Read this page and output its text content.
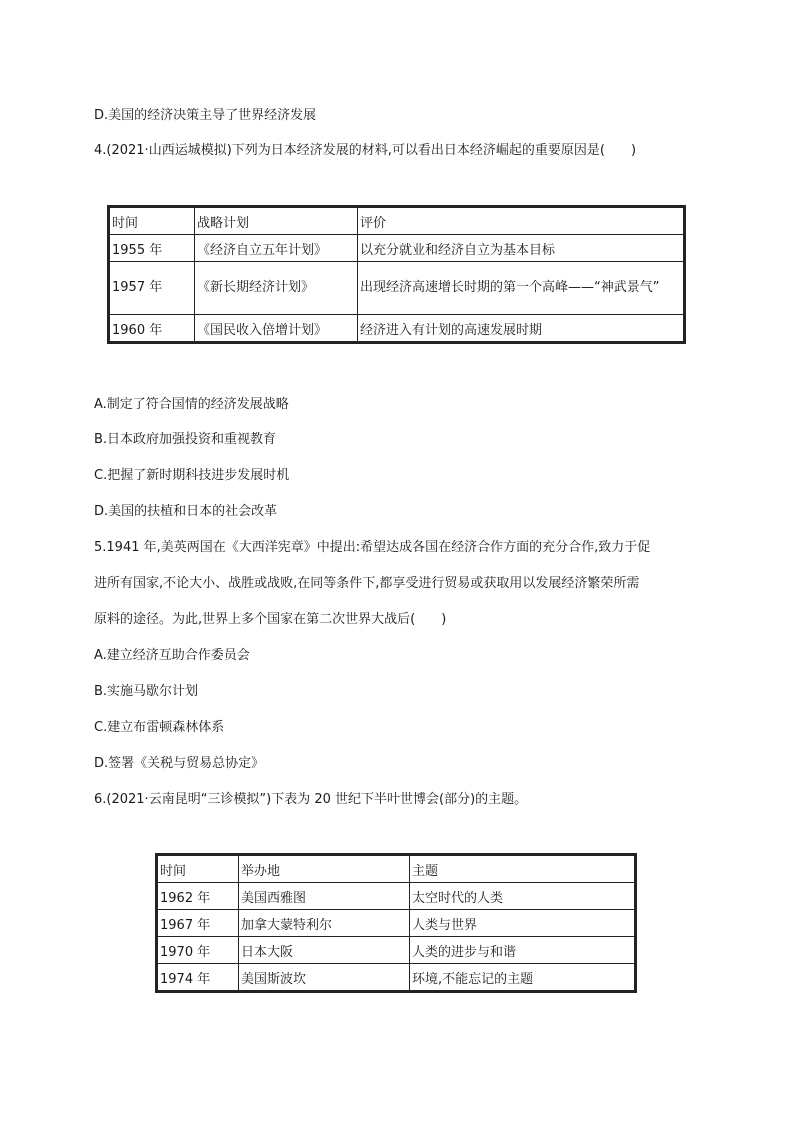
D.美国的经济决策主导了世界经济发展
4.(2021·山西运城模拟)下列为日本经济发展的材料,可以看出日本经济崛起的重要原因是(　　)
时间	战略计划	评价
1955 年	《经济自立五年计划》	以充分就业和经济自立为基本目标
1957 年	《新长期经济计划》	出现经济高速增长时期的第一个高峰——“神武景气”
1960 年	《国民收入倍增计划》	经济进入有计划的高速发展时期
A.制定了符合国情的经济发展战略
B.日本政府加强投资和重视教育
C.把握了新时期科技进步发展时机
D.美国的扶植和日本的社会改革
5.1941 年,美英两国在《大西洋宪章》中提出:希望达成各国在经济合作方面的充分合作,致力于促
进所有国家,不论大小、战胜或战败,在同等条件下,都享受进行贸易或获取用以发展经济繁荣所需
原料的途径。为此,世界上多个国家在第二次世界大战后(　　)
A.建立经济互助合作委员会
B.实施马歇尔计划
C.建立布雷顿森林体系
D.签署《关税与贸易总协定》
6.(2021·云南昆明“三诊模拟”)下表为 20 世纪下半叶世博会(部分)的主题。
时间	举办地	主题
1962 年	美国西雅图	太空时代的人类
1967 年	加拿大蒙特利尔	人类与世界
1970 年	日本大阪	人类的进步与和谐
1974 年	美国斯波坎	环境,不能忘记的主题
